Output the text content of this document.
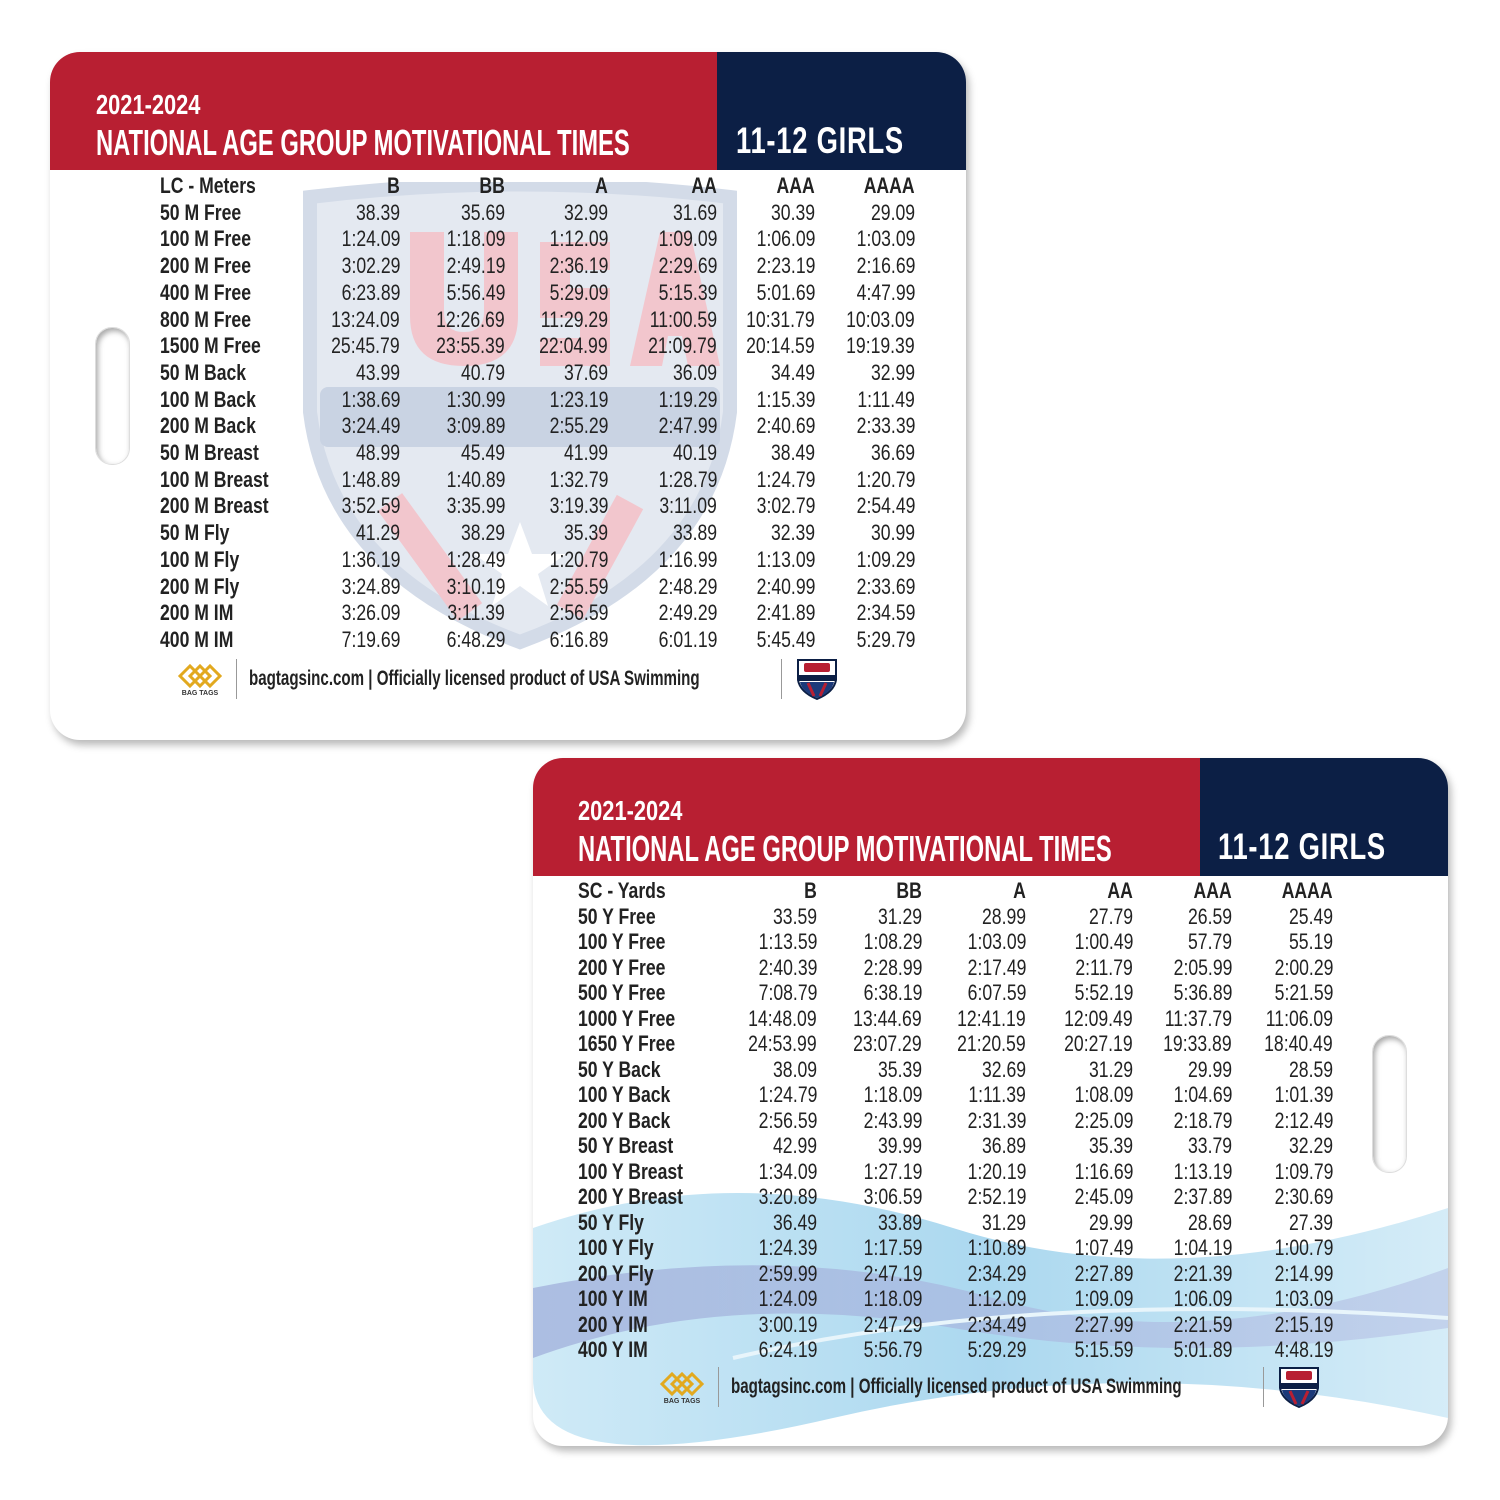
2021-2024
NATIONAL AGE GROUP MOTIVATIONAL TIMES	11-12 GIRLS
LC - Meters	B	BB	A	AA	AAA AAAA
50 M Free	38.39	35.69	32.99	31.69 30.39	29.09
100 M Free	1:24.09 1:18.09 1:12.09 1:09.09 1:06.09 1:03.09
200 M Free	3:02.29 2:49.19 2:36.19 2:29.69 2:23.19 2:16.69
400 M Free	6:23.89 5:56.49 5:29.09 5:15.39 5:01.69 4:47.99
800 M Free	13:24.09 12:26.69 11:29.29 11:00.59 10:31.79 10:03.09
1500 M Free	25:45.79 23:55.39 22:04.99 21:09.79 20:14.59 19:19.39
50 M Back	43.99	40.79	37.69	36.09 34.49	32.99
100 M Back	1:38.69 1:30.99 1:23.19 1:19.29 1:15.39 1:11.49
200 M Back	3:24.49 3:09.89 2:55.29 2:47.99 2:40.69 2:33.39
50 M Breast	48.99	45.49	41.99	40.19 38.49	36.69
100 M Breast	1:48.89 1:40.89 1:32.79 1:28.79 1:24.79 1:20.79
200 M Breast	3:52.59 3:35.99 3:19.39 3:11.09 3:02.79 2:54.49
50 M Fly	41.29	38.29	35.39	33.89 32.39	30.99
100 M Fly	1:36.19 1:28.49 1:20.79 1:16.99 1:13.09 1:09.29
200 M Fly	3:24.89 3:10.19 2:55.59 2:48.29 2:40.99 2:33.69
200 M IM	3:26.09 3:11.39 2:56.59 2:49.29 2:41.89 2:34.59
400 M IM	7:19.69 6:48.29 6:16.89 6:01.19 5:45.49 5:29.79
BAG TAGS
bagtagsinc.com | Officially licensed product of USA Swimming
2021-2024
NATIONAL AGE GROUP MOTIVATIONAL TIMES	11-12 GIRLS
SC - Yards	B	BB	A	AA	AAA AAAA
50 Y Free	33.59	31.29	28.99	27.79 26.59	25.49
100 Y Free	1:13.59 1:08.29 1:03.09 1:00.49 57.79	55.19
200 Y Free	2:40.39 2:28.99 2:17.49 2:11.79 2:05.99 2:00.29
500 Y Free	7:08.79 6:38.19 6:07.59 5:52.19 5:36.89 5:21.59
1000 Y Free	14:48.09 13:44.69 12:41.19 12:09.49 11:37.79 11:06.09
1650 Y Free	24:53.99 23:07.29 21:20.59 20:27.19 19:33.89 18:40.49
50 Y Back	38.09	35.39	32.69	31.29 29.99	28.59
100 Y Back	1:24.79 1:18.09 1:11.39 1:08.09 1:04.69 1:01.39
200 Y Back	2:56.59 2:43.99 2:31.39 2:25.09 2:18.79 2:12.49
50 Y Breast	42.99	39.99	36.89	35.39 33.79	32.29
100 Y Breast	1:34.09 1:27.19 1:20.19 1:16.69 1:13.19 1:09.79
200 Y Breast	3:20.89 3:06.59 2:52.19 2:45.09 2:37.89 2:30.69
50 Y Fly	36.49	33.89	31.29	29.99 28.69	27.39
100 Y Fly	1:24.39 1:17.59 1:10.89 1:07.49 1:04.19 1:00.79
200 Y Fly	2:59.99 2:47.19 2:34.29 2:27.89 2:21.39 2:14.99
100 Y IM	1:24.09 1:18.09 1:12.09 1:09.09 1:06.09 1:03.09
200 Y IM	3:00.19 2:47.29 2:34.49 2:27.99 2:21.59 2:15.19
400 Y IM	6:24.19 5:56.79 5:29.29 5:15.59 5:01.89 4:48.19
BAG TAGS
bagtagsinc.com | Officially licensed product of USA Swimming
